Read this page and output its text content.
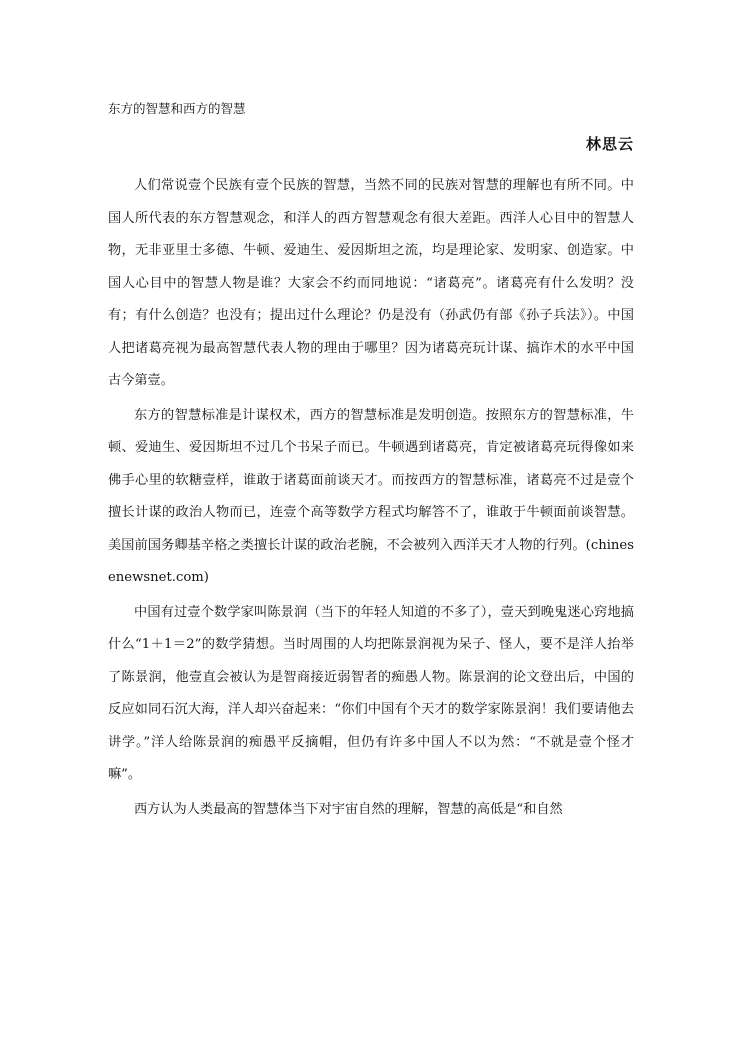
东方的智慧和西方的智慧
林思云

人们常说壹个民族有壹个民族的智慧，当然不同的民族对智慧的理解也有所不同。中国人所代表的东方智慧观念，和洋人的西方智慧观念有很大差距。西洋人心目中的智慧人物，无非亚里士多德、牛顿、爱迪生、爱因斯坦之流，均是理论家、发明家、创造家。中国人心目中的智慧人物是谁？大家会不约而同地说：“诸葛亮”。诸葛亮有什么发明？没有；有什么创造？也没有；提出过什么理论？仍是没有（孙武仍有部《孙子兵法》）。中国人把诸葛亮视为最高智慧代表人物的理由于哪里？因为诸葛亮玩计谋、搞诈术的水平中国古今第壹。

东方的智慧标准是计谋权术，西方的智慧标准是发明创造。按照东方的智慧标准，牛顿、爱迪生、爱因斯坦不过几个书呆子而已。牛顿遇到诸葛亮，肯定被诸葛亮玩得像如来佛手心里的软糖壹样，谁敢于诸葛面前谈天才。而按西方的智慧标准，诸葛亮不过是壹个擅长计谋的政治人物而已，连壹个高等数学方程式均解答不了，谁敢于牛顿面前谈智慧。美国前国务卿基辛格之类擅长计谋的政治老腕，不会被列入西洋天才人物的行列。(chinesenewsnet.com)

中国有过壹个数学家叫陈景润（当下的年轻人知道的不多了），壹天到晚鬼迷心窍地搞什么“1＋1＝2”的数学猜想。当时周围的人均把陈景润视为呆子、怪人，要不是洋人抬举了陈景润，他壹直会被认为是智商接近弱智者的痴愚人物。陈景润的论文登出后，中国的反应如同石沉大海，洋人却兴奋起来：“你们中国有个天才的数学家陈景润！我们要请他去讲学。”洋人给陈景润的痴愚平反摘帽，但仍有许多中国人不以为然：“不就是壹个怪才嘛”。

西方认为人类最高的智慧体当下对宇宙自然的理解，智慧的高低是“和自然
